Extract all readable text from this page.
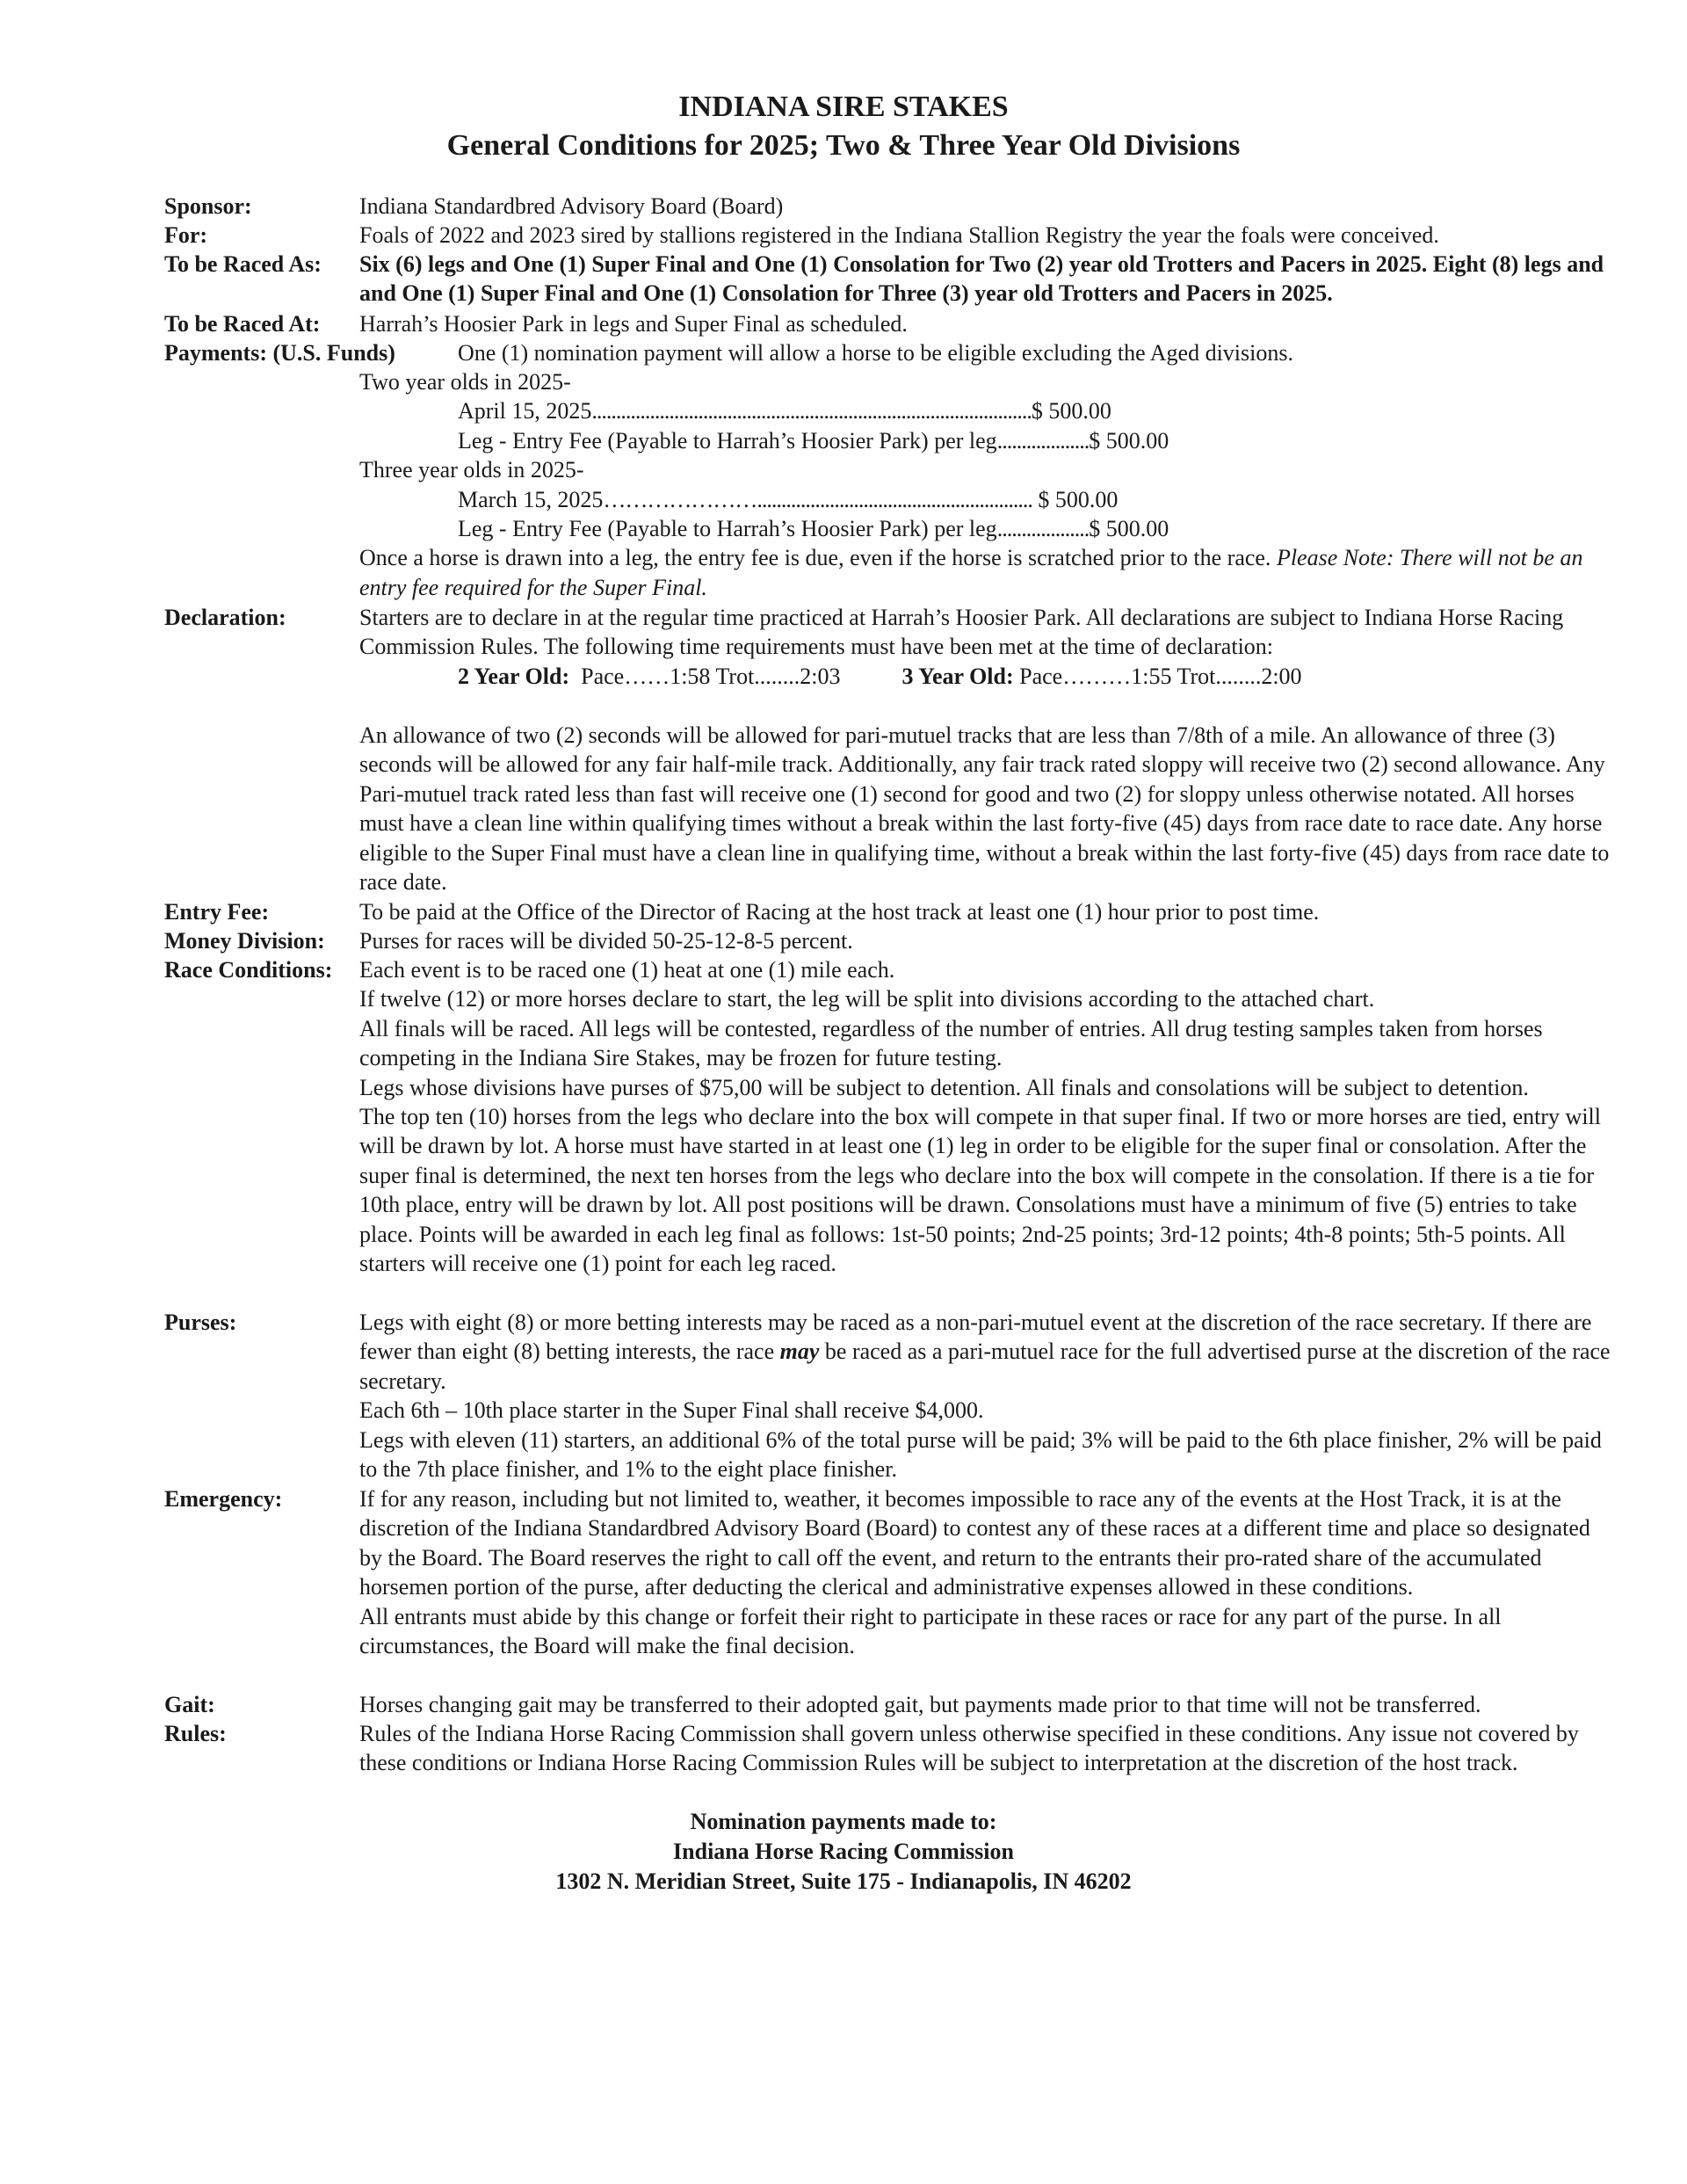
INDIANA SIRE STAKES
General Conditions for 2025; Two & Three Year Old Divisions
Sponsor:	Indiana Standardbred Advisory Board (Board)
For:	Foals of 2022 and 2023 sired by stallions registered in the Indiana Stallion Registry the year the foals were conceived.
To be Raced As: Six (6) legs and One (1) Super Final and One (1) Consolation for Two (2) year old Trotters and Pacers in 2025. Eight (8) legs and and One (1) Super Final and One (1) Consolation for Three (3) year old Trotters and Pacers in 2025.
To be Raced At: Harrah’s Hoosier Park in legs and Super Final as scheduled.
Payments: (U.S. Funds)	One (1) nomination payment will allow a horse to be eligible excluding the Aged divisions.

Two year olds in 2025-

April 15, 2025...........................................................................................$ 500.00

Leg - Entry Fee (Payable to Harrah’s Hoosier Park) per leg...................$ 500.00

Three year olds in 2025-

March 15, 2025…………………......................................................... $ 500.00

Leg - Entry Fee (Payable to Harrah’s Hoosier Park) per leg...................$ 500.00

Once a horse is drawn into a leg, the entry fee is due, even if the horse is scratched prior to the race. Please Note: There will not be an entry fee required for the Super Final.

Declaration:	Starters are to declare in at the regular time practiced at Harrah’s Hoosier Park. All declarations are subject to Indiana Horse Racing Commission Rules. The following time requirements must have been met at the time of declaration:

2 Year Old: Pace……1:58 Trot........2:03	3 Year Old: Pace………1:55 Trot........2:00

An allowance of two (2) seconds will be allowed for pari-mutuel tracks that are less than 7/8th of a mile. An allowance of three (3) seconds will be allowed for any fair half-mile track. Additionally, any fair track rated sloppy will receive two (2) second allowance. Any Pari-mutuel track rated less than fast will receive one (1) second for good and two (2) for sloppy unless otherwise notated. All horses must have a clean line within qualifying times without a break within the last forty-five (45) days from race date to race date. Any horse eligible to the Super Final must have a clean line in qualifying time, without a break within the last forty-five (45) days from race date to race date.
Entry Fee:	To be paid at the Office of the Director of Racing at the host track at least one (1) hour prior to post time.
Money Division: Purses for races will be divided 50-25-12-8-5 percent.
Race Conditions: Each event is to be raced one (1) heat at one (1) mile each.

If twelve (12) or more horses declare to start, the leg will be split into divisions according to the attached chart.

All finals will be raced. All legs will be contested, regardless of the number of entries. All drug testing samples taken from horses competing in the Indiana Sire Stakes, may be frozen for future testing.

Legs whose divisions have purses of $75,00 will be subject to detention. All finals and consolations will be subject to detention.

The top ten (10) horses from the legs who declare into the box will compete in that super final. If two or more horses are tied, entry will will be drawn by lot. A horse must have started in at least one (1) leg in order to be eligible for the super final or consolation. After the super final is determined, the next ten horses from the legs who declare into the box will compete in the consolation. If there is a tie for 10th place, entry will be drawn by lot. All post positions will be drawn. Consolations must have a minimum of five (5) entries to take place. Points will be awarded in each leg final as follows: 1st-50 points; 2nd-25 points; 3rd-12 points; 4th-8 points; 5th-5 points. All starters will receive one (1) point for each leg raced.

Purses:	Legs with eight (8) or more betting interests may be raced as a non-pari-mutuel event at the discretion of the race secretary. If there are fewer than eight (8) betting interests, the race may be raced as a pari-mutuel race for the full advertised purse at the discretion of the race secretary.

Each 6th – 10th place starter in the Super Final shall receive $4,000.

Legs with eleven (11) starters, an additional 6% of the total purse will be paid; 3% will be paid to the 6th place finisher, 2% will be paid to the 7th place finisher, and 1% to the eight place finisher.

Emergency:	If for any reason, including but not limited to, weather, it becomes impossible to race any of the events at the Host Track, it is at the discretion of the Indiana Standardbred Advisory Board (Board) to contest any of these races at a different time and place so designated by the Board. The Board reserves the right to call off the event, and return to the entrants their pro-rated share of the accumulated horsemen portion of the purse, after deducting the clerical and administrative expenses allowed in these conditions.

All entrants must abide by this change or forfeit their right to participate in these races or race for any part of the purse. In all circumstances, the Board will make the final decision.

Gait:	Horses changing gait may be transferred to their adopted gait, but payments made prior to that time will not be transferred.
Rules:	Rules of the Indiana Horse Racing Commission shall govern unless otherwise specified in these conditions. Any issue not covered by these conditions or Indiana Horse Racing Commission Rules will be subject to interpretation at the discretion of the host track.
Nomination payments made to:
Indiana Horse Racing Commission
1302 N. Meridian Street, Suite 175 - Indianapolis, IN 46202
